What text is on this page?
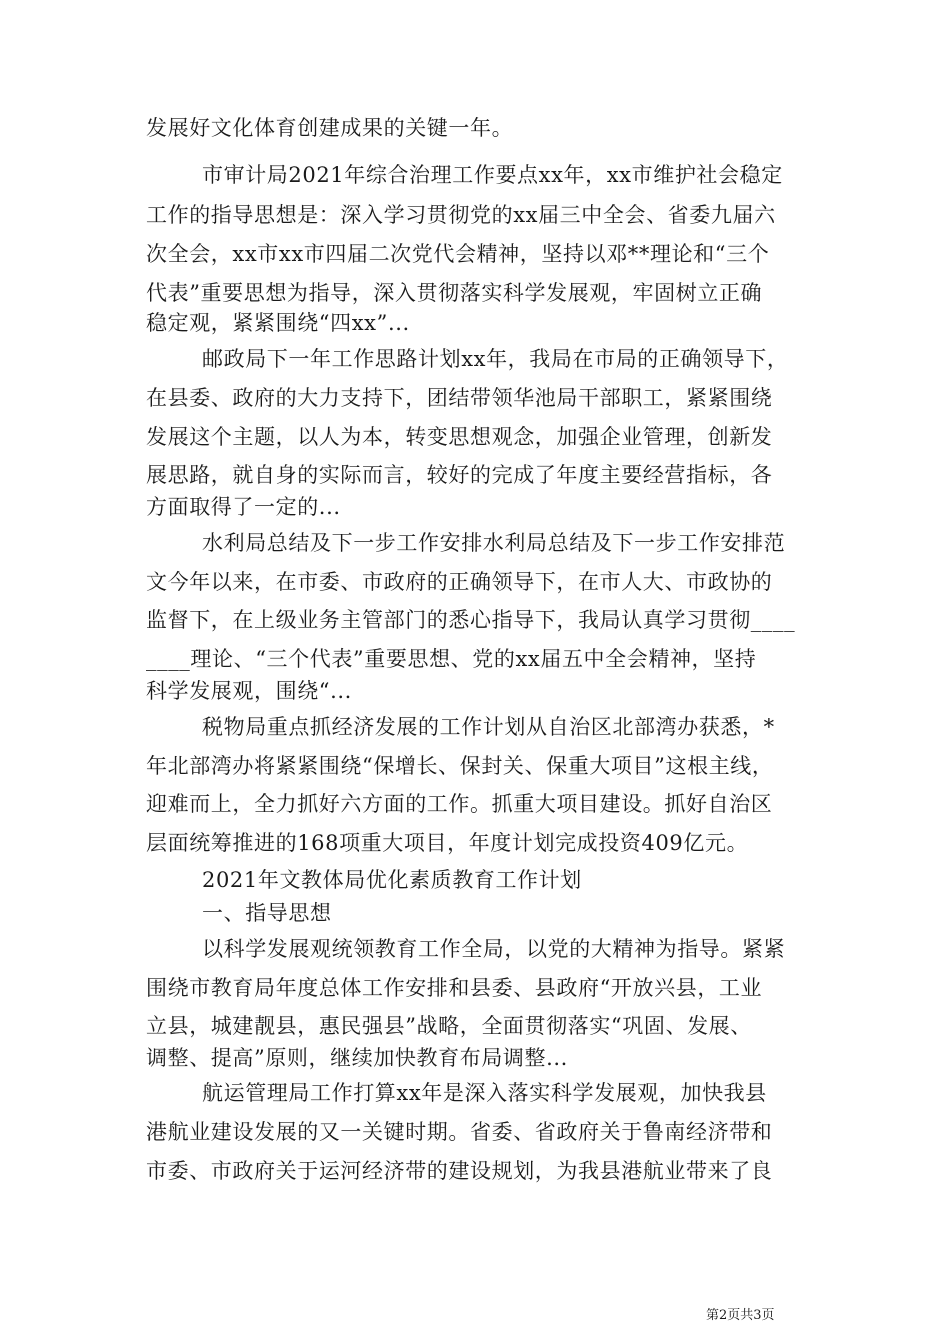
发展好文化体育创建成果的关键一年。
市审计局2021年综合治理工作要点xx年，xx市维护社会稳定
工作的指导思想是：深入学习贯彻党的xx届三中全会、省委九届六
次全会，xx市xx市四届二次党代会精神，坚持以邓**理论和“三个
代表”重要思想为指导，深入贯彻落实科学发展观，牢固树立正确
稳定观，紧紧围绕“四xx”...
邮政局下一年工作思路计划xx年，我局在市局的正确领导下，
在县委、政府的大力支持下，团结带领华池局干部职工，紧紧围绕
发展这个主题，以人为本，转变思想观念，加强企业管理，创新发
展思路，就自身的实际而言，较好的完成了年度主要经营指标，各
方面取得了一定的...
水利局总结及下一步工作安排水利局总结及下一步工作安排范
文今年以来，在市委、市政府的正确领导下，在市人大、市政协的
监督下，在上级业务主管部门的悉心指导下，我局认真学习贯彻____
____理论、“三个代表”重要思想、党的xx届五中全会精神，坚持
科学发展观，围绕“...
税物局重点抓经济发展的工作计划从自治区北部湾办获悉，*
年北部湾办将紧紧围绕“保增长、保封关、保重大项目”这根主线，
迎难而上，全力抓好六方面的工作。抓重大项目建设。抓好自治区
层面统筹推进的168项重大项目，年度计划完成投资409亿元。
2021年文教体局优化素质教育工作计划
一、指导思想
以科学发展观统领教育工作全局，以党的大精神为指导。紧紧
围绕市教育局年度总体工作安排和县委、县政府“开放兴县，工业
立县，城建靓县，惠民强县”战略，全面贯彻落实“巩固、发展、
调整、提高”原则，继续加快教育布局调整...
航运管理局工作打算xx年是深入落实科学发展观，加快我县
港航业建设发展的又一关键时期。省委、省政府关于鲁南经济带和
市委、市政府关于运河经济带的建设规划，为我县港航业带来了良
第2页共3页
